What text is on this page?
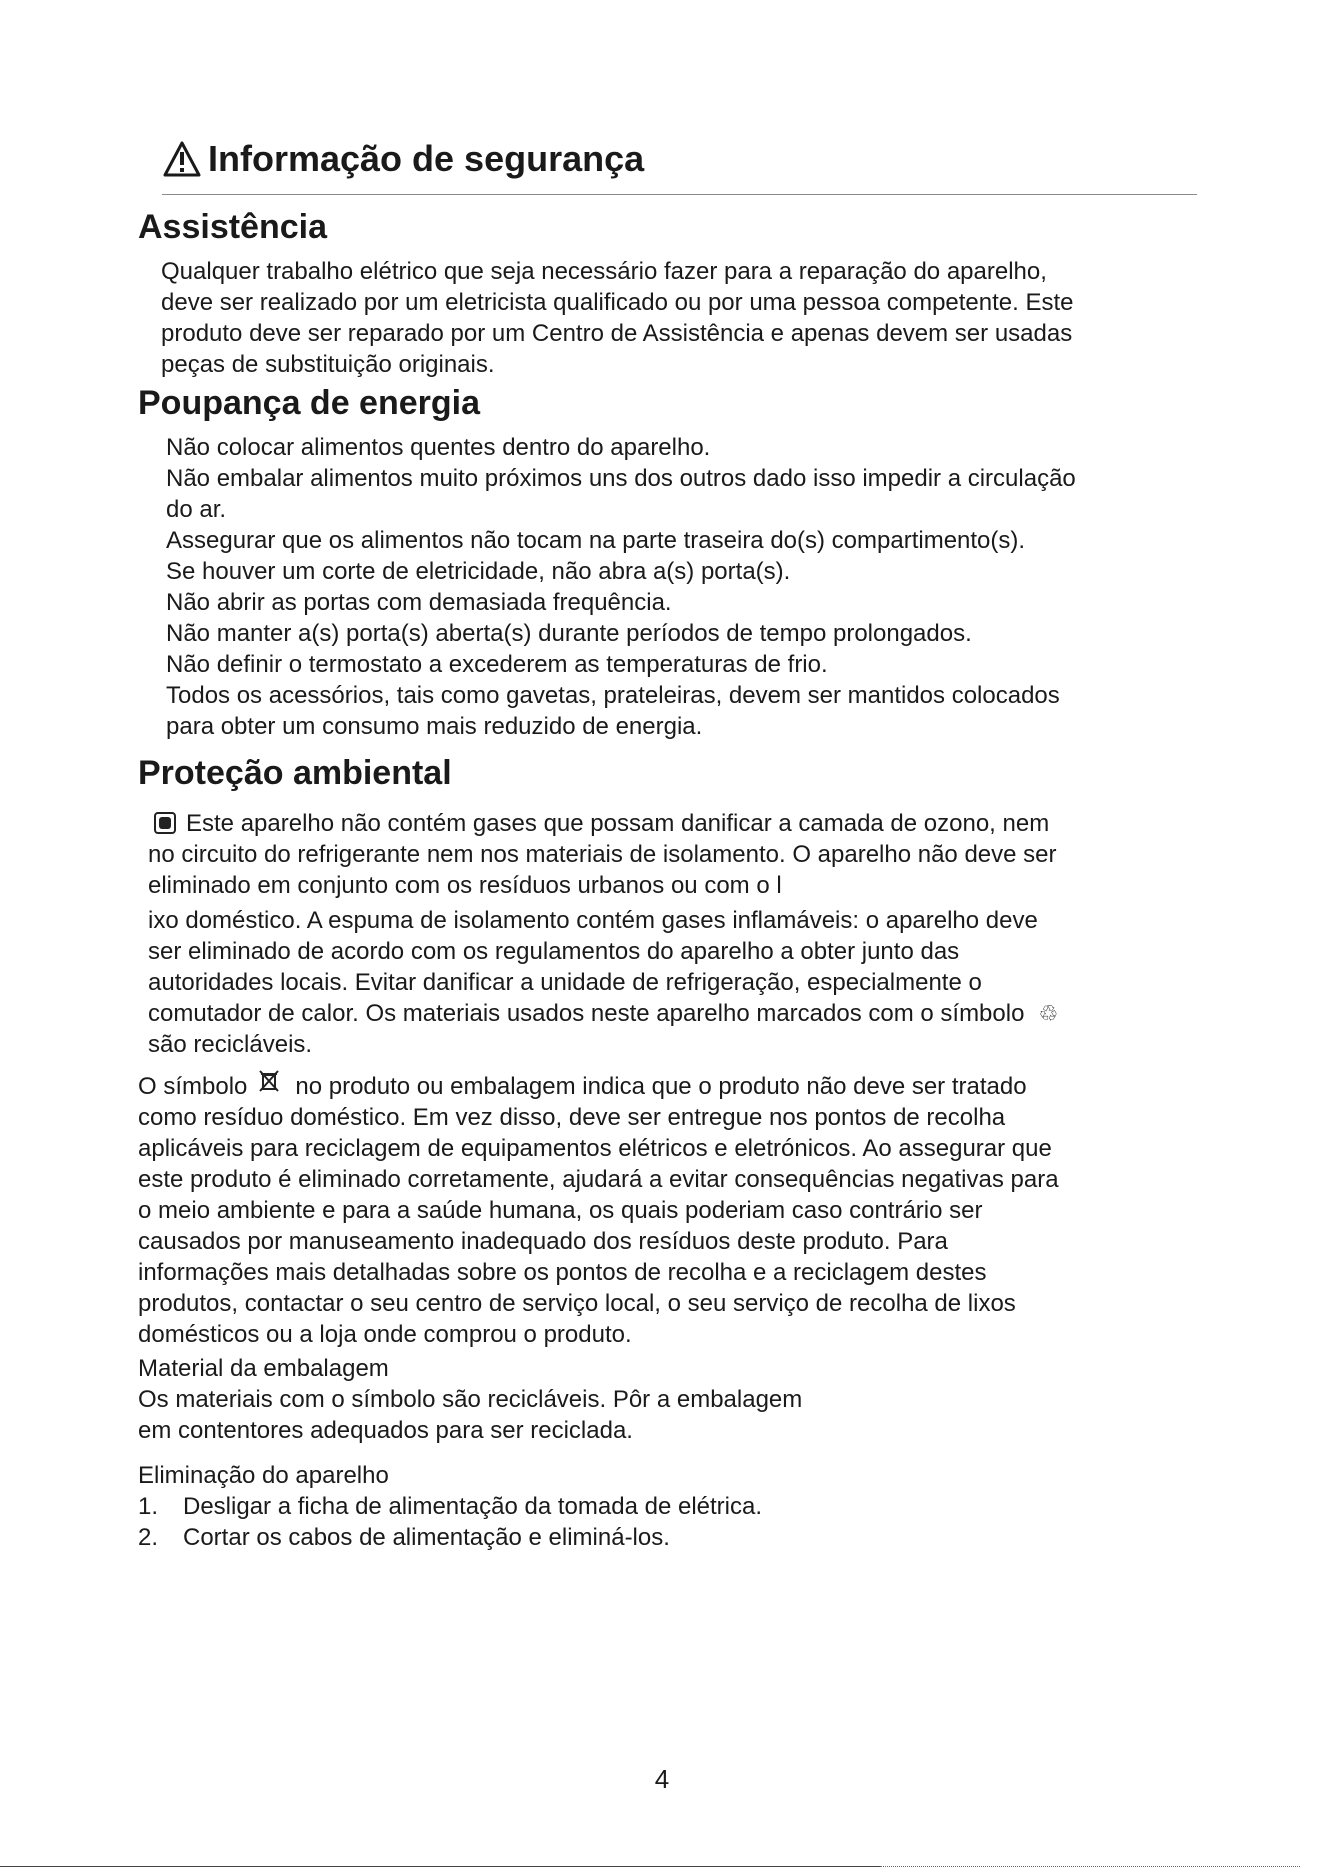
Informação de segurança
Assistência

Qualquer trabalho elétrico que seja necessário fazer para a reparação do aparelho,

deve ser realizado por um eletricista qualificado ou por uma pessoa competente. Este

produto deve ser reparado por um Centro de Assistência e apenas devem ser usadas

peças de substituição originais.

Poupança de energia

Não colocar alimentos quentes dentro do aparelho.

Não embalar alimentos muito próximos uns dos outros dado isso impedir a circulação

do ar.

Assegurar que os alimentos não tocam na parte traseira do(s) compartimento(s).

Se houver um corte de eletricidade, não abra a(s) porta(s).

Não abrir as portas com demasiada frequência.

Não manter a(s) porta(s) aberta(s) durante períodos de tempo prolongados.

Não definir o termostato a excederem as temperaturas de frio.

Todos os acessórios, tais como gavetas, prateleiras, devem ser mantidos colocados

para obter um consumo mais reduzido de energia.

Proteção ambiental

Este aparelho não contém gases que possam danificar a camada de ozono, nem

no circuito do refrigerante nem nos materiais de isolamento. O aparelho não deve ser

eliminado em conjunto com os resíduos urbanos ou com o l

ixo doméstico. A espuma de isolamento contém gases inflamáveis: o aparelho deve

ser eliminado de acordo com os regulamentos do aparelho a obter junto das

autoridades locais. Evitar danificar a unidade de refrigeração, especialmente o

comutador de calor. Os materiais usados neste aparelho marcados com o símbolo ♲

são recicláveis.

O símbolo no produto ou embalagem indica que o produto não deve ser tratado

como resíduo doméstico. Em vez disso, deve ser entregue nos pontos de recolha

aplicáveis para reciclagem de equipamentos elétricos e eletrónicos. Ao assegurar que

este produto é eliminado corretamente, ajudará a evitar consequências negativas para

o meio ambiente e para a saúde humana, os quais poderiam caso contrário ser

causados por manuseamento inadequado dos resíduos deste produto. Para

informações mais detalhadas sobre os pontos de recolha e a reciclagem destes

produtos, contactar o seu centro de serviço local, o seu serviço de recolha de lixos

domésticos ou a loja onde comprou o produto.

Material da embalagem

Os materiais com o símbolo são recicláveis. Pôr a embalagem

em contentores adequados para ser reciclada.

Eliminação do aparelho

1.	Desligar a ficha de alimentação da tomada de elétrica.
2.	Cortar os cabos de alimentação e eliminá-los.
4
